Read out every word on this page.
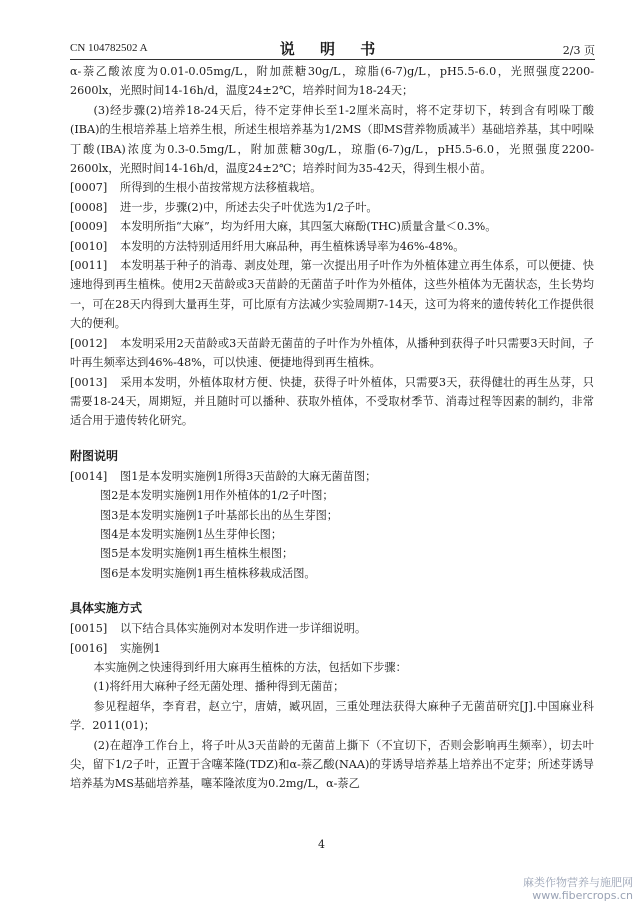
CN 104782502 A	说 明 书	2/3 页

α-萘乙酸浓度为0.01-0.05mg/L，附加蔗糖30g/L，琼脂(6-7)g/L，pH5.5-6.0，光照强度2200-2600lx，光照时间14-16h/d，温度24±2℃，培养时间为18-24天；

(3)经步骤(2)培养18-24天后，待不定芽伸长至1-2厘米高时，将不定芽切下，转到含有吲哚丁酸(IBA)的生根培养基上培养生根，所述生根培养基为1/2MS（即MS营养物质减半）基础培养基，其中吲哚丁酸(IBA)浓度为0.3-0.5mg/L，附加蔗糖30g/L，琼脂(6-7)g/L，pH5.5-6.0，光照强度2200-2600lx，光照时间14-16h/d，温度24±2℃；培养时间为35-42天，得到生根小苗。

[0007] 所得到的生根小苗按常规方法移植栽培。

[0008] 进一步，步骤(2)中，所述去尖子叶优选为1/2子叶。

[0009] 本发明所指“大麻”，均为纤用大麻，其四氢大麻酚(THC)质量含量＜0.3%。

[0010] 本发明的方法特别适用纤用大麻品种，再生植株诱导率为46%-48%。

[0011] 本发明基于种子的消毒、剥皮处理，第一次提出用子叶作为外植体建立再生体系，可以便捷、快速地得到再生植株。使用2天苗龄或3天苗龄的无菌苗子叶作为外植体，这些外植体为无菌状态，生长势均一，可在28天内得到大量再生芽，可比原有方法减少实验周期7-14天，这可为将来的遗传转化工作提供很大的便利。

[0012] 本发明采用2天苗龄或3天苗龄无菌苗的子叶作为外植体，从播种到获得子叶只需要3天时间，子叶再生频率达到46%-48%，可以快速、便捷地得到再生植株。

[0013] 采用本发明，外植体取材方便、快捷，获得子叶外植体，只需要3天，获得健壮的再生丛芽，只需要18-24天，周期短，并且随时可以播种、获取外植体，不受取材季节、消毒过程等因素的制约，非常适合用于遗传转化研究。

附图说明

[0014] 图1是本发明实施例1所得3天苗龄的大麻无菌苗图；

图2是本发明实施例1用作外植体的1/2子叶图；

图3是本发明实施例1子叶基部长出的丛生芽图；

图4是本发明实施例1丛生芽伸长图；

图5是本发明实施例1再生植株生根图；

图6是本发明实施例1再生植株移栽成活图。

具体实施方式

[0015] 以下结合具体实施例对本发明作进一步详细说明。

[0016] 实施例1

本实施例之快速得到纤用大麻再生植株的方法，包括如下步骤：

(1)将纤用大麻种子经无菌处理、播种得到无菌苗；

参见程超华，李育君，赵立宁，唐婧，臧巩固，三重处理法获得大麻种子无菌苗研究[J].中国麻业科学．2011(01)；

(2)在超净工作台上，将子叶从3天苗龄的无菌苗上撕下（不宜切下，否则会影响再生频率），切去叶尖，留下1/2子叶，正置于含噻苯隆(TDZ)和α-萘乙酸(NAA)的芽诱导培养基上培养出不定芽；所述芽诱导培养基为MS基础培养基，噻苯隆浓度为0.2mg/L，α-萘乙

4
麻类作物营养与施肥网
www.fibercrops.cn
